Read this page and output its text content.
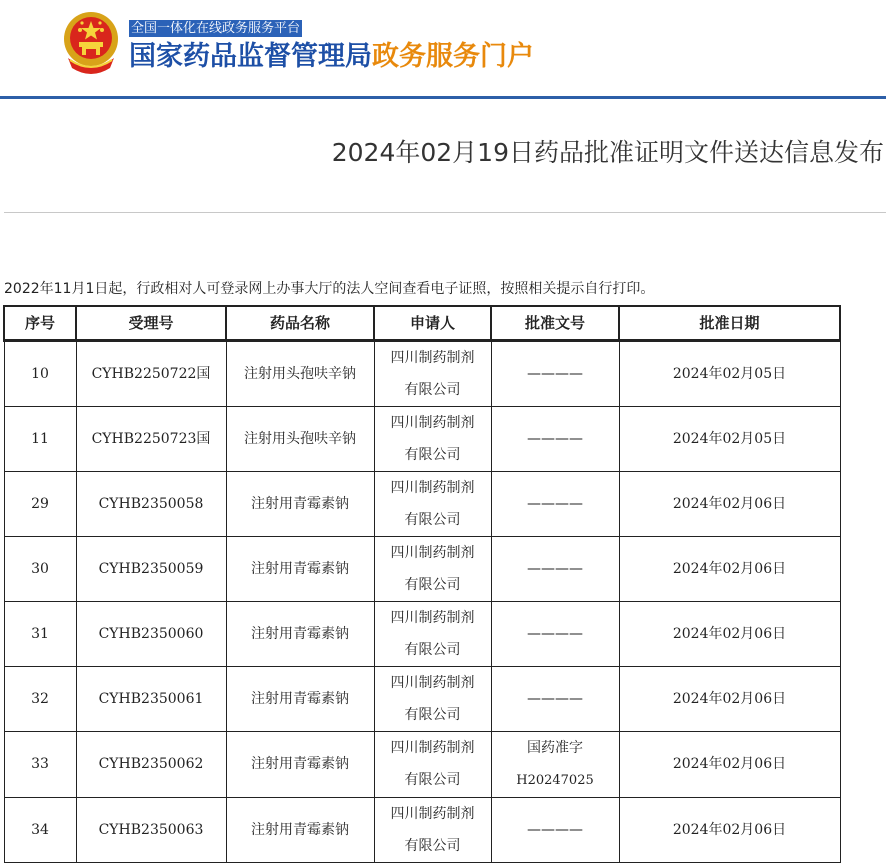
全国一体化在线政务服务平台
国家药品监督管理局政务服务门户
2024年02月19日药品批准证明文件送达信息发布

2022年11月1日起，行政相对人可登录网上办事大厅的法人空间查看电子证照，按照相关提示自行打印。

序号	受理号	药品名称	申请人	批准文号	批准日期
10	CYHB2250722国	注射用头孢呋辛钠	四川制药制剂
有限公司	————	2024年02月05日
11	CYHB2250723国	注射用头孢呋辛钠	四川制药制剂
有限公司	————	2024年02月05日
29	CYHB2350058	注射用青霉素钠	四川制药制剂
有限公司	————	2024年02月06日
30	CYHB2350059	注射用青霉素钠	四川制药制剂
有限公司	————	2024年02月06日
31	CYHB2350060	注射用青霉素钠	四川制药制剂
有限公司	————	2024年02月06日
32	CYHB2350061	注射用青霉素钠	四川制药制剂
有限公司	————	2024年02月06日
33	CYHB2350062	注射用青霉素钠	四川制药制剂
有限公司	国药准字
H20247025	2024年02月06日
34	CYHB2350063	注射用青霉素钠	四川制药制剂
有限公司	————	2024年02月06日
